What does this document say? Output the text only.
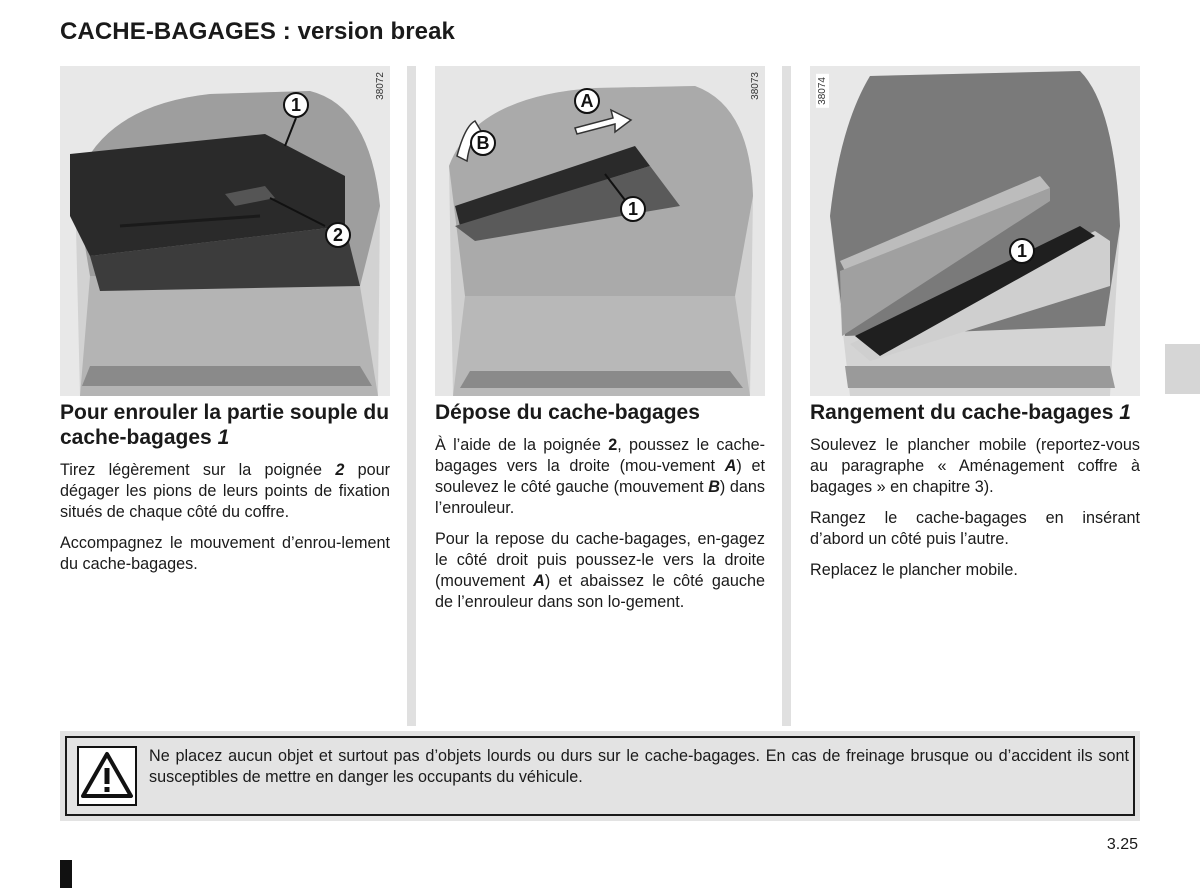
CACHE-BAGAGES : version break
38072
1
2
38073
A
B
1
38074
1
Pour enrouler la partie souple du cache-bagages 1

Tirez légèrement sur la poignée 2 pour dégager les pions de leurs points de fixation situés de chaque côté du coffre.

Accompagnez le mouvement d’enrou-lement du cache-bagages.

Dépose du cache-bagages

À l’aide de la poignée 2, poussez le cache-bagages vers la droite (mou-vement A) et soulevez le côté gauche (mouvement B) dans l’enrouleur.

Pour la repose du cache-bagages, en-gagez le côté droit puis poussez-le vers la droite (mouvement A) et abaissez le côté gauche de l’enrouleur dans son lo-gement.

Rangement du cache-bagages 1

Soulevez le plancher mobile (reportez-vous au paragraphe « Aménagement coffre à bagages » en chapitre 3).

Rangez le cache-bagages en insérant d’abord un côté puis l’autre.

Replacez le plancher mobile.

Ne placez aucun objet et surtout pas d’objets lourds ou durs sur le cache-bagages. En cas de freinage brusque ou d’accident ils sont susceptibles de mettre en danger les occupants du véhicule.
3.25
